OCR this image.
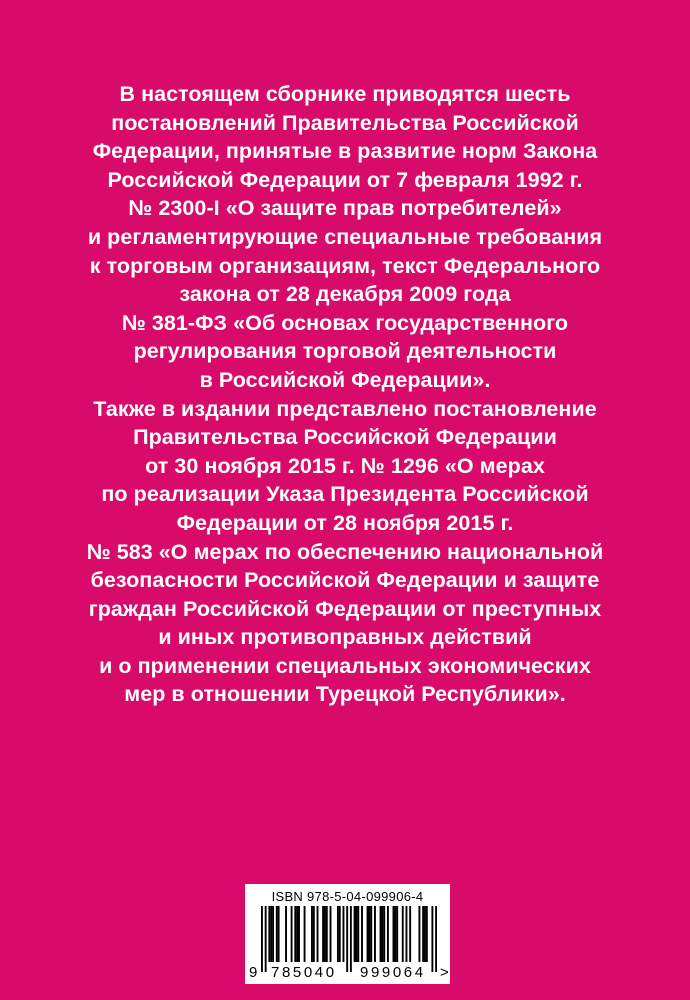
В настоящем сборнике приводятся шесть
постановлений Правительства Российской
Федерации, принятые в развитие норм Закона
Российской Федерации от 7 февраля 1992 г.
№ 2300-I «О защите прав потребителей»
и регламентирующие специальные требования
к торговым организациям, текст Федерального
закона от 28 декабря 2009 года
№ 381-ФЗ «Об основах государственного
регулирования торговой деятельности
в Российской Федерации».
Также в издании представлено постановление
Правительства Российской Федерации
от 30 ноября 2015 г. № 1296 «О мерах
по реализации Указа Президента Российской
Федерации от 28 ноября 2015 г.
№ 583 «О мерах по обеспечению национальной
безопасности Российской Федерации и защите
граждан Российской Федерации от преступных
и иных противоправных действий
и о применении специальных экономических
мер в отношении Турецкой Республики».
ISBN 978-5-04-099906-4
9 785040 999064 >
